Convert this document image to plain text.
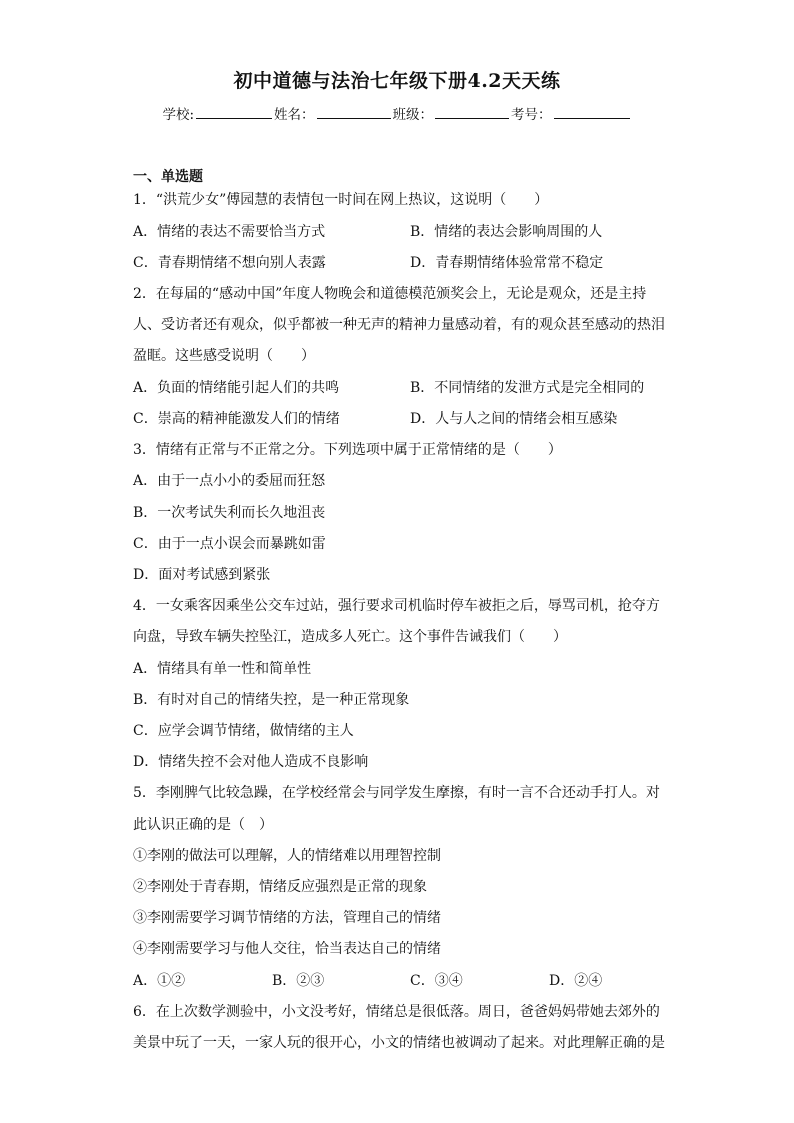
初中道德与法治七年级下册4.2天天练
学校:	姓名：	班级：	考号：
一、单选题
1．“洪荒少女”傅园慧的表情包一时间在网上热议，这说明（　　）
A．情绪的表达不需要恰当方式	B．情绪的表达会影响周围的人
C．青春期情绪不想向别人表露	D．青春期情绪体验常常不稳定
2．在每届的“感动中国”年度人物晚会和道德模范颁奖会上，无论是观众，还是主持
人、受访者还有观众，似乎都被一种无声的精神力量感动着，有的观众甚至感动的热泪
盈眶。这些感受说明（　　）
A．负面的情绪能引起人们的共鸣	B．不同情绪的发泄方式是完全相同的
C．崇高的精神能激发人们的情绪	D．人与人之间的情绪会相互感染
3．情绪有正常与不正常之分。下列选项中属于正常情绪的是（　　）
A．由于一点小小的委屈而狂怒
B．一次考试失利而长久地沮丧
C．由于一点小误会而暴跳如雷
D．面对考试感到紧张
4．一女乘客因乘坐公交车过站，强行要求司机临时停车被拒之后，辱骂司机，抢夺方
向盘，导致车辆失控坠江，造成多人死亡。这个事件告诫我们（　　）
A．情绪具有单一性和简单性
B．有时对自己的情绪失控，是一种正常现象
C．应学会调节情绪，做情绪的主人
D．情绪失控不会对他人造成不良影响
5．李刚脾气比较急躁，在学校经常会与同学发生摩擦，有时一言不合还动手打人。对
此认识正确的是（　）
①李刚的做法可以理解，人的情绪难以用理智控制
②李刚处于青春期，情绪反应强烈是正常的现象
③李刚需要学习调节情绪的方法，管理自己的情绪
④李刚需要学习与他人交往，恰当表达自己的情绪
A．①②	B．②③	C．③④	D．②④
6．在上次数学测验中，小文没考好，情绪总是很低落。周日，爸爸妈妈带她去郊外的
美景中玩了一天，一家人玩的很开心，小文的情绪也被调动了起来。对此理解正确的是
